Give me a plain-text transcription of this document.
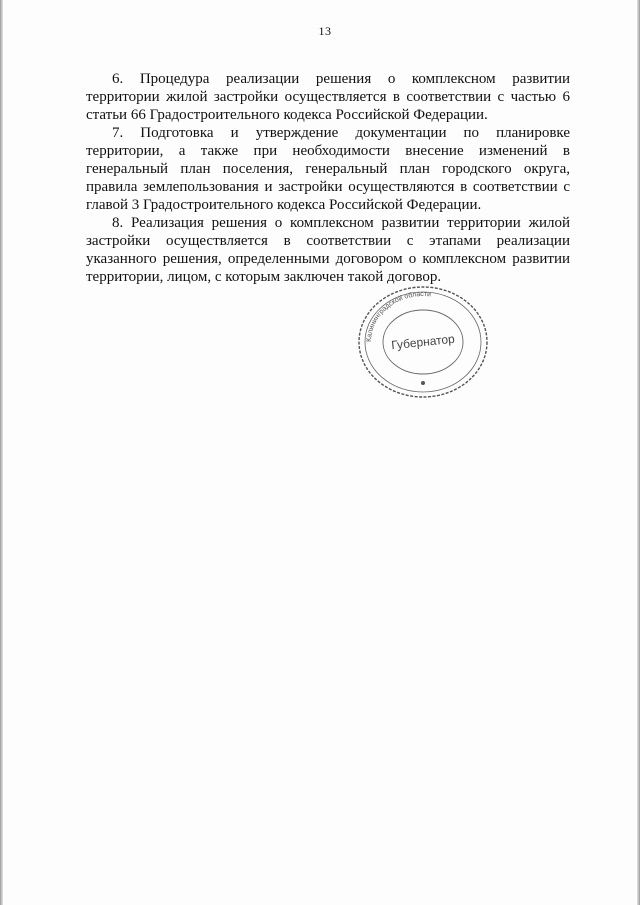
13

6. Процедура реализации решения о комплексном развитии территории жилой застройки осуществляется в соответствии с частью 6 статьи 66 Градостроительного кодекса Российской Федерации.

7. Подготовка и утверждение документации по планировке территории, а также при необходимости внесение изменений в генеральный план поселения, генеральный план городского округа, правила землепользования и застройки осуществляются в соответствии с главой 3 Градостроительного кодекса Российской Федерации.

8. Реализация решения о комплексном развитии территории жилой застройки осуществляется в соответствии с этапами реализации указанного решения, определенными договором о комплексном развитии территории, лицом, с которым заключен такой договор.

Калининградской области
Губернатор
